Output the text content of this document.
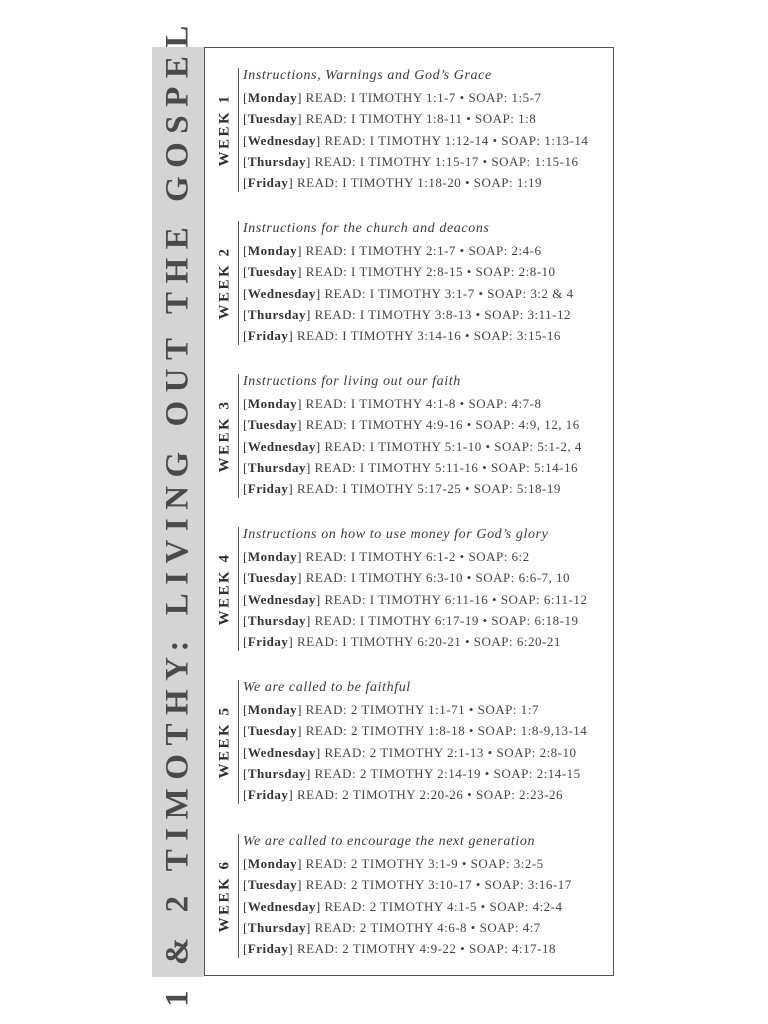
1 & 2 TIMOTHY: LIVING OUT THE GOSPEL WEEK 1
Instructions, Warnings and God’s Grace
[Monday] READ: I TIMOTHY 1:1-7 • SOAP: 1:5-7
[Tuesday] READ: I TIMOTHY 1:8-11 • SOAP: 1:8
[Wednesday] READ: I TIMOTHY 1:12-14 • SOAP: 1:13-14
[Thursday] READ: I TIMOTHY 1:15-17 • SOAP: 1:15-16
[Friday] READ: I TIMOTHY 1:18-20 • SOAP: 1:19
WEEK 2
Instructions for the church and deacons
[Monday] READ: I TIMOTHY 2:1-7 • SOAP: 2:4-6
[Tuesday] READ: I TIMOTHY 2:8-15 • SOAP: 2:8-10
[Wednesday] READ: I TIMOTHY 3:1-7 • SOAP: 3:2 & 4
[Thursday] READ: I TIMOTHY 3:8-13 • SOAP: 3:11-12
[Friday] READ: I TIMOTHY 3:14-16 • SOAP: 3:15-16
WEEK 3
Instructions for living out our faith
[Monday] READ: I TIMOTHY 4:1-8 • SOAP: 4:7-8
[Tuesday] READ: I TIMOTHY 4:9-16 • SOAP: 4:9, 12, 16
[Wednesday] READ: I TIMOTHY 5:1-10 • SOAP: 5:1-2, 4
[Thursday] READ: I TIMOTHY 5:11-16 • SOAP: 5:14-16
[Friday] READ: I TIMOTHY 5:17-25 • SOAP: 5:18-19
WEEK 4
Instructions on how to use money for God’s glory
[Monday] READ: I TIMOTHY 6:1-2 • SOAP: 6:2
[Tuesday] READ: I TIMOTHY 6:3-10 • SOAP: 6:6-7, 10
[Wednesday] READ: I TIMOTHY 6:11-16 • SOAP: 6:11-12
[Thursday] READ: I TIMOTHY 6:17-19 • SOAP: 6:18-19
[Friday] READ: I TIMOTHY 6:20-21 • SOAP: 6:20-21
WEEK 5
We are called to be faithful
[Monday] READ: 2 TIMOTHY 1:1-71 • SOAP: 1:7
[Tuesday] READ: 2 TIMOTHY 1:8-18 • SOAP: 1:8-9,13-14
[Wednesday] READ: 2 TIMOTHY 2:1-13 • SOAP: 2:8-10
[Thursday] READ: 2 TIMOTHY 2:14-19 • SOAP: 2:14-15
[Friday] READ: 2 TIMOTHY 2:20-26 • SOAP: 2:23-26
WEEK 6
We are called to encourage the next generation
[Monday] READ: 2 TIMOTHY 3:1-9 • SOAP: 3:2-5
[Tuesday] READ: 2 TIMOTHY 3:10-17 • SOAP: 3:16-17
[Wednesday] READ: 2 TIMOTHY 4:1-5 • SOAP: 4:2-4
[Thursday] READ: 2 TIMOTHY 4:6-8 • SOAP: 4:7
[Friday] READ: 2 TIMOTHY 4:9-22 • SOAP: 4:17-18
